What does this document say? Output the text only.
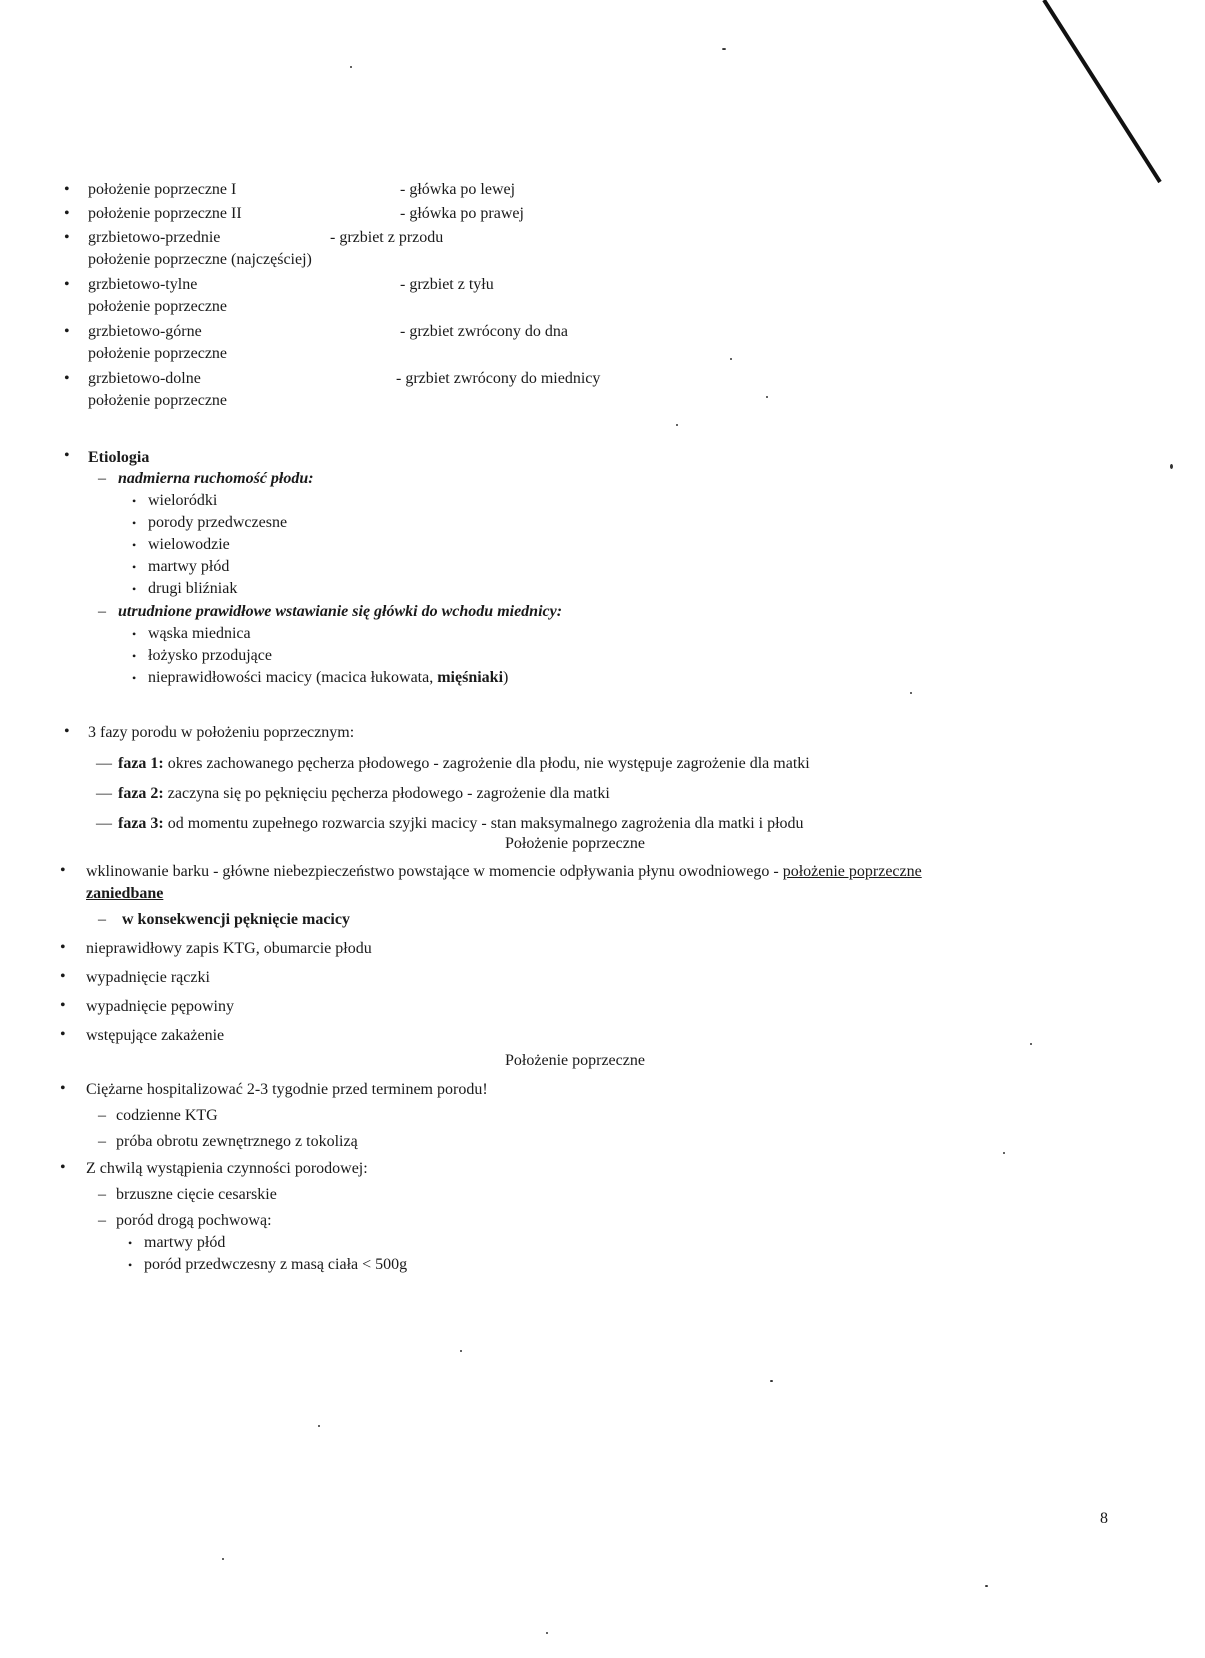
• położenie poprzeczne I	- główka po lewej
• położenie poprzeczne II	- główka po prawej
• grzbietowo-przednie	- grzbiet z przodu
położenie poprzeczne (najczęściej)
• grzbietowo-tylne	- grzbiet z tyłu
położenie poprzeczne
• grzbietowo-górne	- grzbiet zwrócony do dna
położenie poprzeczne
• grzbietowo-dolne	- grzbiet zwrócony do miednicy
położenie poprzeczne
• Etiologia
– nadmierna ruchomość płodu:
• wieloródki
• porody przedwczesne
• wielowodzie
• martwy płód
• drugi bliźniak
– utrudnione prawidłowe wstawianie się główki do wchodu miednicy:
• wąska miednica
• łożysko przodujące
• nieprawidłowości macicy (macica łukowata, mięśniaki)
• 3 fazy porodu w położeniu poprzecznym:
— faza 1: okres zachowanego pęcherza płodowego - zagrożenie dla płodu, nie występuje zagrożenie dla matki
— faza 2: zaczyna się po pęknięciu pęcherza płodowego - zagrożenie dla matki
— faza 3: od momentu zupełnego rozwarcia szyjki macicy - stan maksymalnego zagrożenia dla matki i płodu
Położenie poprzeczne
• wklinowanie barku - główne niebezpieczeństwo powstające w momencie odpływania płynu owodniowego - położenie poprzeczne
zaniedbane
– w konsekwencji pęknięcie macicy
• nieprawidłowy zapis KTG, obumarcie płodu
• wypadnięcie rączki
• wypadnięcie pępowiny
• wstępujące zakażenie
Położenie poprzeczne
• Ciężarne hospitalizować 2-3 tygodnie przed terminem porodu!
– codzienne KTG
– próba obrotu zewnętrznego z tokolizą
• Z chwilą wystąpienia czynności porodowej:
– brzuszne cięcie cesarskie
– poród drogą pochwową:
• martwy płód
• poród przedwczesny z masą ciała < 500g
8
